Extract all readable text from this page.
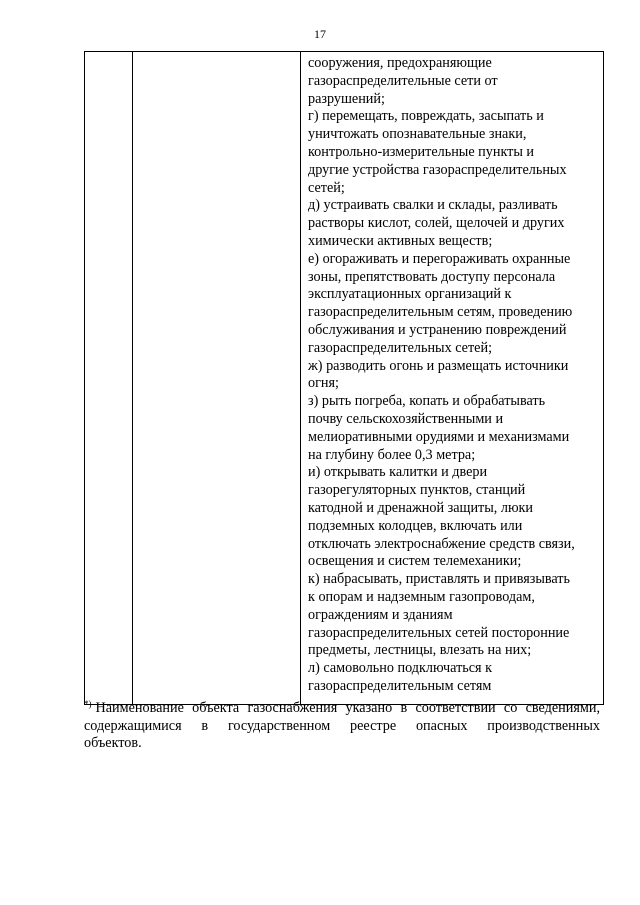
17

сооружения, предохраняющие
газораспределительные сети от
разрушений;
г) перемещать, повреждать, засыпать и
уничтожать опознавательные знаки,
контрольно-измерительные пункты и
другие устройства газораспределительных
сетей;
д) устраивать свалки и склады, разливать
растворы кислот, солей, щелочей и других
химически активных веществ;
е) огораживать и перегораживать охранные
зоны, препятствовать доступу персонала
эксплуатационных организаций к
газораспределительным сетям, проведению
обслуживания и устранению повреждений
газораспределительных сетей;
ж) разводить огонь и размещать источники
огня;
з) рыть погреба, копать и обрабатывать
почву сельскохозяйственными и
мелиоративными орудиями и механизмами
на глубину более 0,3 метра;
и) открывать калитки и двери
газорегуляторных пунктов, станций
катодной и дренажной защиты, люки
подземных колодцев, включать или
отключать электроснабжение средств связи,
освещения и систем телемеханики;
к) набрасывать, приставлять и привязывать
к опорам и надземным газопроводам,
ограждениям и зданиям
газораспределительных сетей посторонние
предметы, лестницы, влезать на них;
л) самовольно подключаться к
газораспределительным сетям
*) Наименование объекта газоснабжения указано в соответствии со сведениями,
содержащимися в государственном реестре опасных производственных
объектов.
